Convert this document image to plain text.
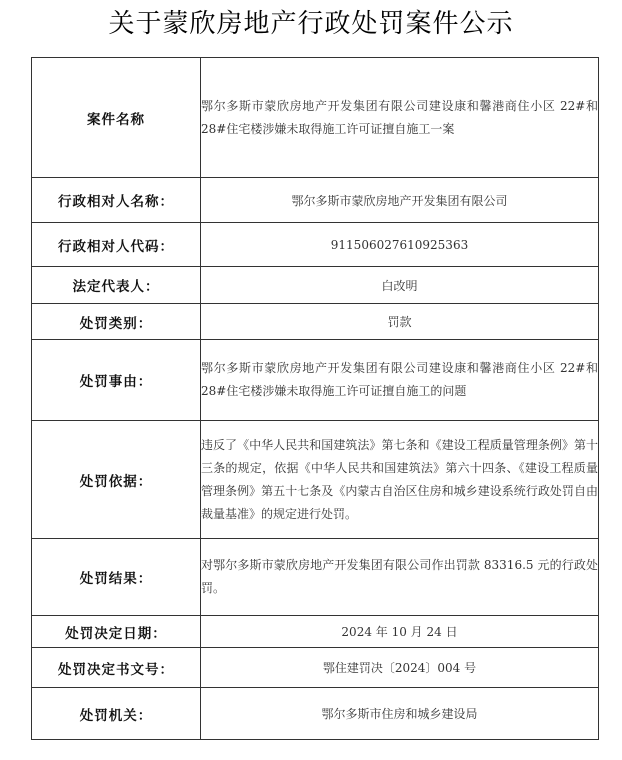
关于蒙欣房地产行政处罚案件公示
案件名称	鄂尔多斯市蒙欣房地产开发集团有限公司建设康和馨港商住小区 22#和 28#住宅楼涉嫌未取得施工许可证擅自施工一案
行政相对人名称：	鄂尔多斯市蒙欣房地产开发集团有限公司
行政相对人代码：	911506027610925363
法定代表人：	白改明
处罚类别：	罚款
处罚事由：	鄂尔多斯市蒙欣房地产开发集团有限公司建设康和馨港商住小区 22#和 28#住宅楼涉嫌未取得施工许可证擅自施工的问题
处罚依据：	违反了《中华人民共和国建筑法》第七条和《建设工程质量管理条例》第十三条的规定，依据《中华人民共和国建筑法》第六十四条、《建设工程质量管理条例》第五十七条及《内蒙古自治区住房和城乡建设系统行政处罚自由裁量基准》的规定进行处罚。
处罚结果：	对鄂尔多斯市蒙欣房地产开发集团有限公司作出罚款 83316.5 元的行政处罚。
处罚决定日期：	2024 年 10 月 24 日
处罚决定书文号：	鄂住建罚决〔2024〕004 号
处罚机关：	鄂尔多斯市住房和城乡建设局
